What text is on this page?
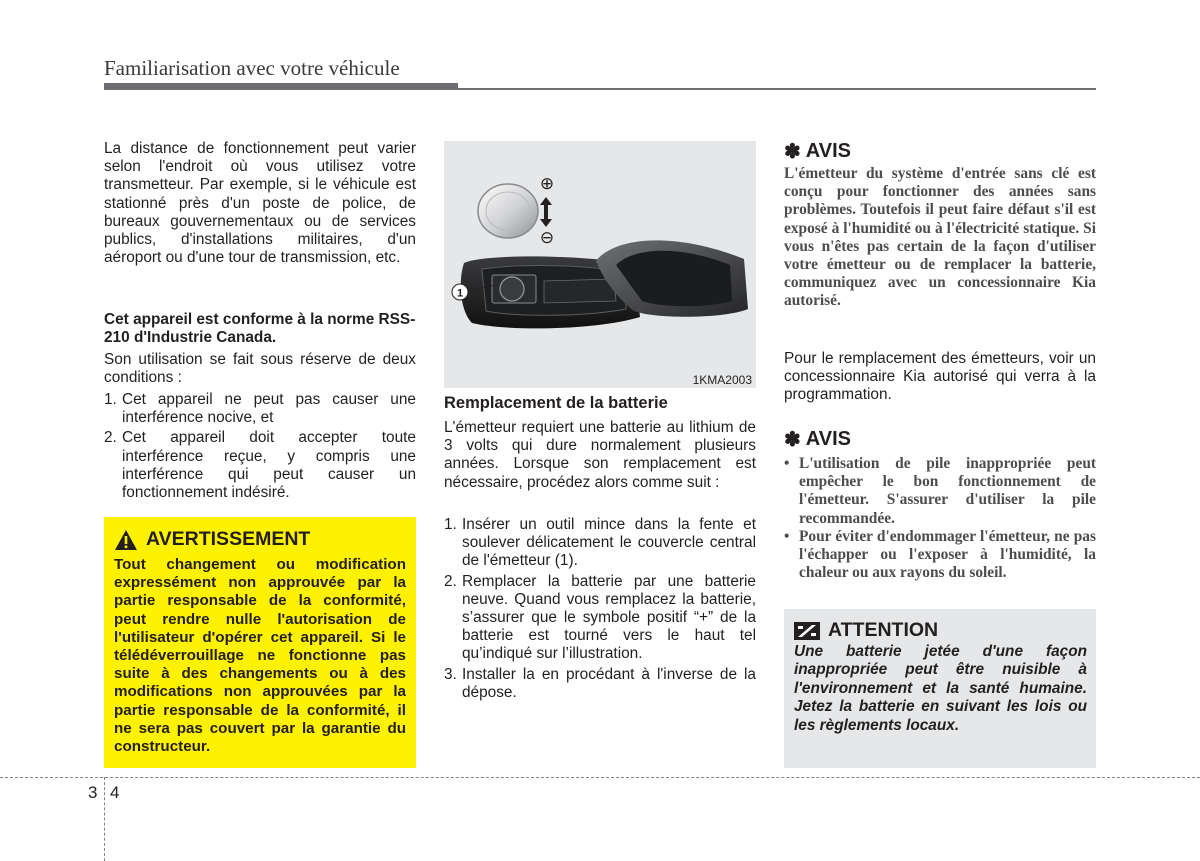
Familiarisation avec votre véhicule
La distance de fonctionnement peut varier selon l'endroit où vous utilisez votre transmetteur. Par exemple, si le véhicule est stationné près d'un poste de police, de bureaux gouvernementaux ou de services publics, d'installations militaires, d'un aéroport ou d'une tour de transmission, etc.
Cet appareil est conforme à la norme RSS-210 d'Industrie Canada.
Son utilisation se fait sous réserve de deux conditions :
1. Cet appareil ne peut pas causer une interférence nocive, et
2. Cet appareil doit accepter toute interférence reçue, y compris une interférence qui peut causer un fonctionnement indésiré.
AVERTISSEMENT
Tout changement ou modification expressément non approuvée par la partie responsable de la conformité, peut rendre nulle l'autorisation de l'utilisateur d'opérer cet appareil. Si le télédéverrouillage ne fonctionne pas suite à des changements ou à des modifications non approuvées par la partie responsable de la conformité, il ne sera pas couvert par la garantie du constructeur.
1
⊕
⊖
1KMA2003
Remplacement de la batterie
L'émetteur requiert une batterie au lithium de 3 volts qui dure normalement plusieurs années. Lorsque son remplacement est nécessaire, procédez alors comme suit :
1. Insérer un outil mince dans la fente et soulever délicatement le couvercle central de l'émetteur (1).
2. Remplacer la batterie par une batterie neuve. Quand vous remplacez la batterie, s’assurer que le symbole positif “+” de la batterie est tourné vers le haut tel qu’indiqué sur l’illustration.
3. Installer la en procédant à l'inverse de la dépose.
✽ AVIS
L'émetteur du système d'entrée sans clé est conçu pour fonctionner des années sans problèmes. Toutefois il peut faire défaut s'il est exposé à l'humidité ou à l'électricité statique. Si vous n'êtes pas certain de la façon d'utiliser votre émetteur ou de remplacer la batterie, communiquez avec un concessionnaire Kia autorisé.
Pour le remplacement des émetteurs, voir un concessionnaire Kia autorisé qui verra à la programmation.
✽ AVIS
• L'utilisation de pile inappropriée peut empêcher le bon fonctionnement de l'émetteur. S'assurer d'utiliser la pile recommandée.
• Pour éviter d'endommager l'émetteur, ne pas l'échapper ou l'exposer à l'humidité, la chaleur ou aux rayons du soleil.
ATTENTION
Une batterie jetée d'une façon inappropriée peut être nuisible à l'environnement et la santé humaine. Jetez la batterie en suivant les lois ou les règlements locaux.
3 4
